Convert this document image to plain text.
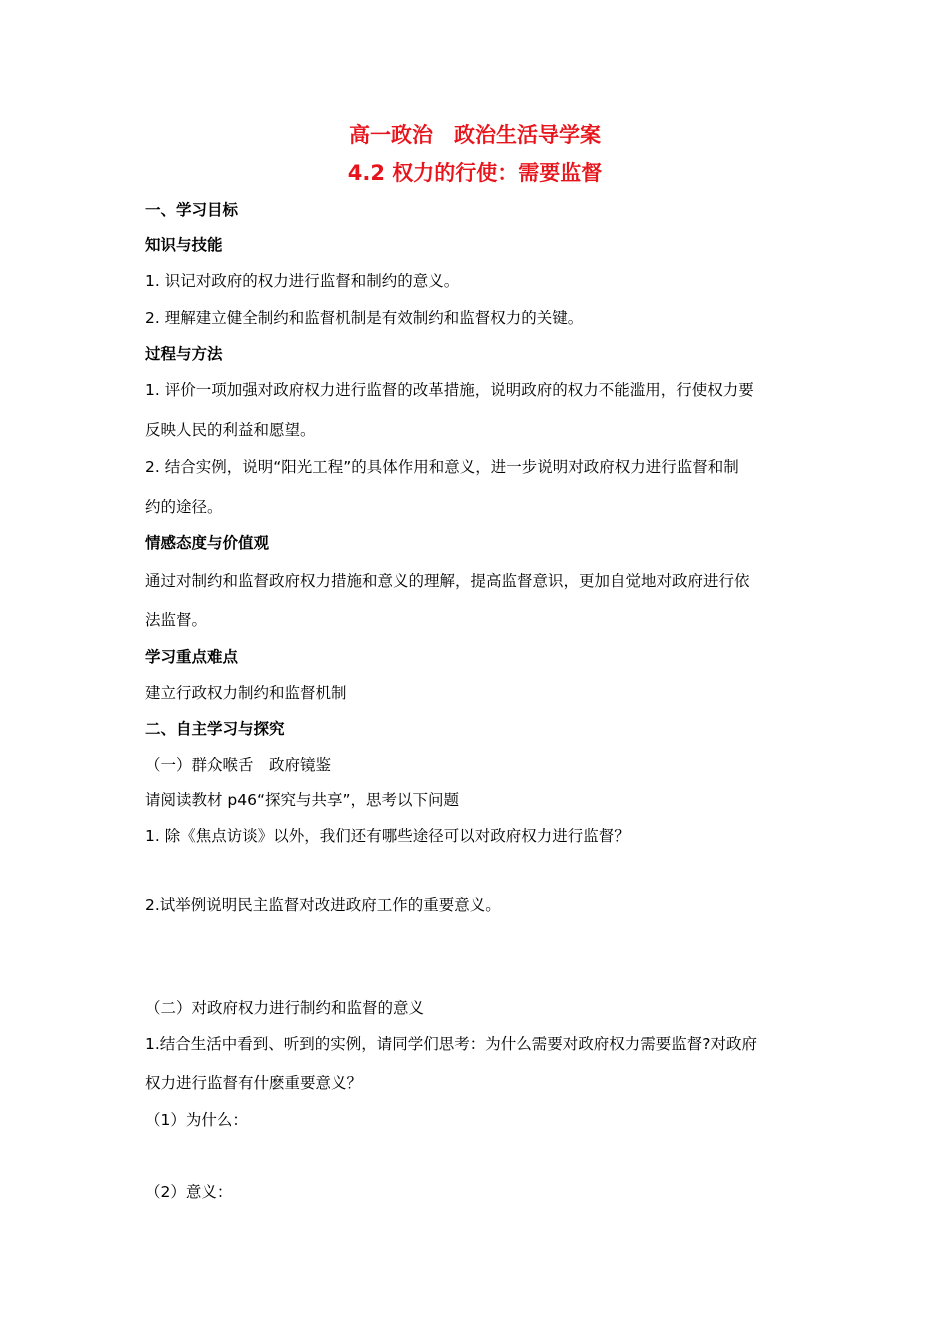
高一政治　政治生活导学案
4.2 权力的行使：需要监督
一、学习目标
知识与技能
1. 识记对政府的权力进行监督和制约的意义。
2. 理解建立健全制约和监督机制是有效制约和监督权力的关键。
过程与方法
1. 评价一项加强对政府权力进行监督的改革措施，说明政府的权力不能滥用，行使权力要
反映人民的利益和愿望。
2. 结合实例，说明“阳光工程”的具体作用和意义，进一步说明对政府权力进行监督和制
约的途径。
情感态度与价值观
通过对制约和监督政府权力措施和意义的理解，提高监督意识，更加自觉地对政府进行依
法监督。
学习重点难点
建立行政权力制约和监督机制
二、自主学习与探究
（一）群众喉舌　政府镜鉴
请阅读教材 p46“探究与共享”，思考以下问题
1. 除《焦点访谈》以外，我们还有哪些途径可以对政府权力进行监督？
2.试举例说明民主监督对改进政府工作的重要意义。
（二）对政府权力进行制约和监督的意义
1.结合生活中看到、听到的实例，请同学们思考：为什么需要对政府权力需要监督?对政府
权力进行监督有什麽重要意义？
（1）为什么：
（2）意义：
